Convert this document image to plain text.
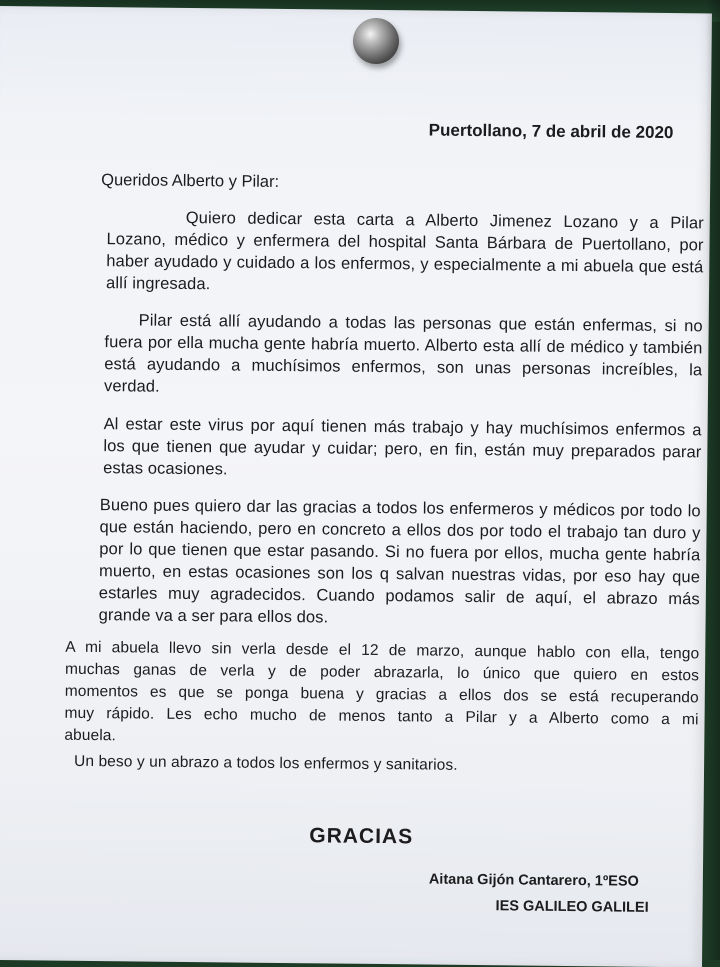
Puertollano, 7 de abril de 2020
Queridos Alberto y Pilar:
Quiero dedicar esta carta a Alberto Jimenez Lozano y a Pilar
Lozano, médico y enfermera del hospital Santa Bárbara de Puertollano, por
haber ayudado y cuidado a los enfermos, y especialmente a mi abuela que está
allí ingresada.
Pilar está allí ayudando a todas las personas que están enfermas, si no
fuera por ella mucha gente habría muerto. Alberto esta allí de médico y también
está ayudando a muchísimos enfermos, son unas personas increíbles, la
verdad.
Al estar este virus por aquí tienen más trabajo y hay muchísimos enfermos a
los que tienen que ayudar y cuidar; pero, en fin, están muy preparados parar
estas ocasiones.
Bueno pues quiero dar las gracias a todos los enfermeros y médicos por todo lo
que están haciendo, pero en concreto a ellos dos por todo el trabajo tan duro y
por lo que tienen que estar pasando. Si no fuera por ellos, mucha gente habría
muerto, en estas ocasiones son los q salvan nuestras vidas, por eso hay que
estarles muy agradecidos. Cuando podamos salir de aquí, el abrazo más
grande va a ser para ellos dos.
A mi abuela llevo sin verla desde el 12 de marzo, aunque hablo con ella, tengo
muchas ganas de verla y de poder abrazarla, lo único que quiero en estos
momentos es que se ponga buena y gracias a ellos dos se está recuperando
muy rápido. Les echo mucho de menos tanto a Pilar y a Alberto como a mi
abuela.
Un beso y un abrazo a todos los enfermos y sanitarios.
GRACIAS
Aitana Gijón Cantarero, 1ºESO
IES GALILEO GALILEI
